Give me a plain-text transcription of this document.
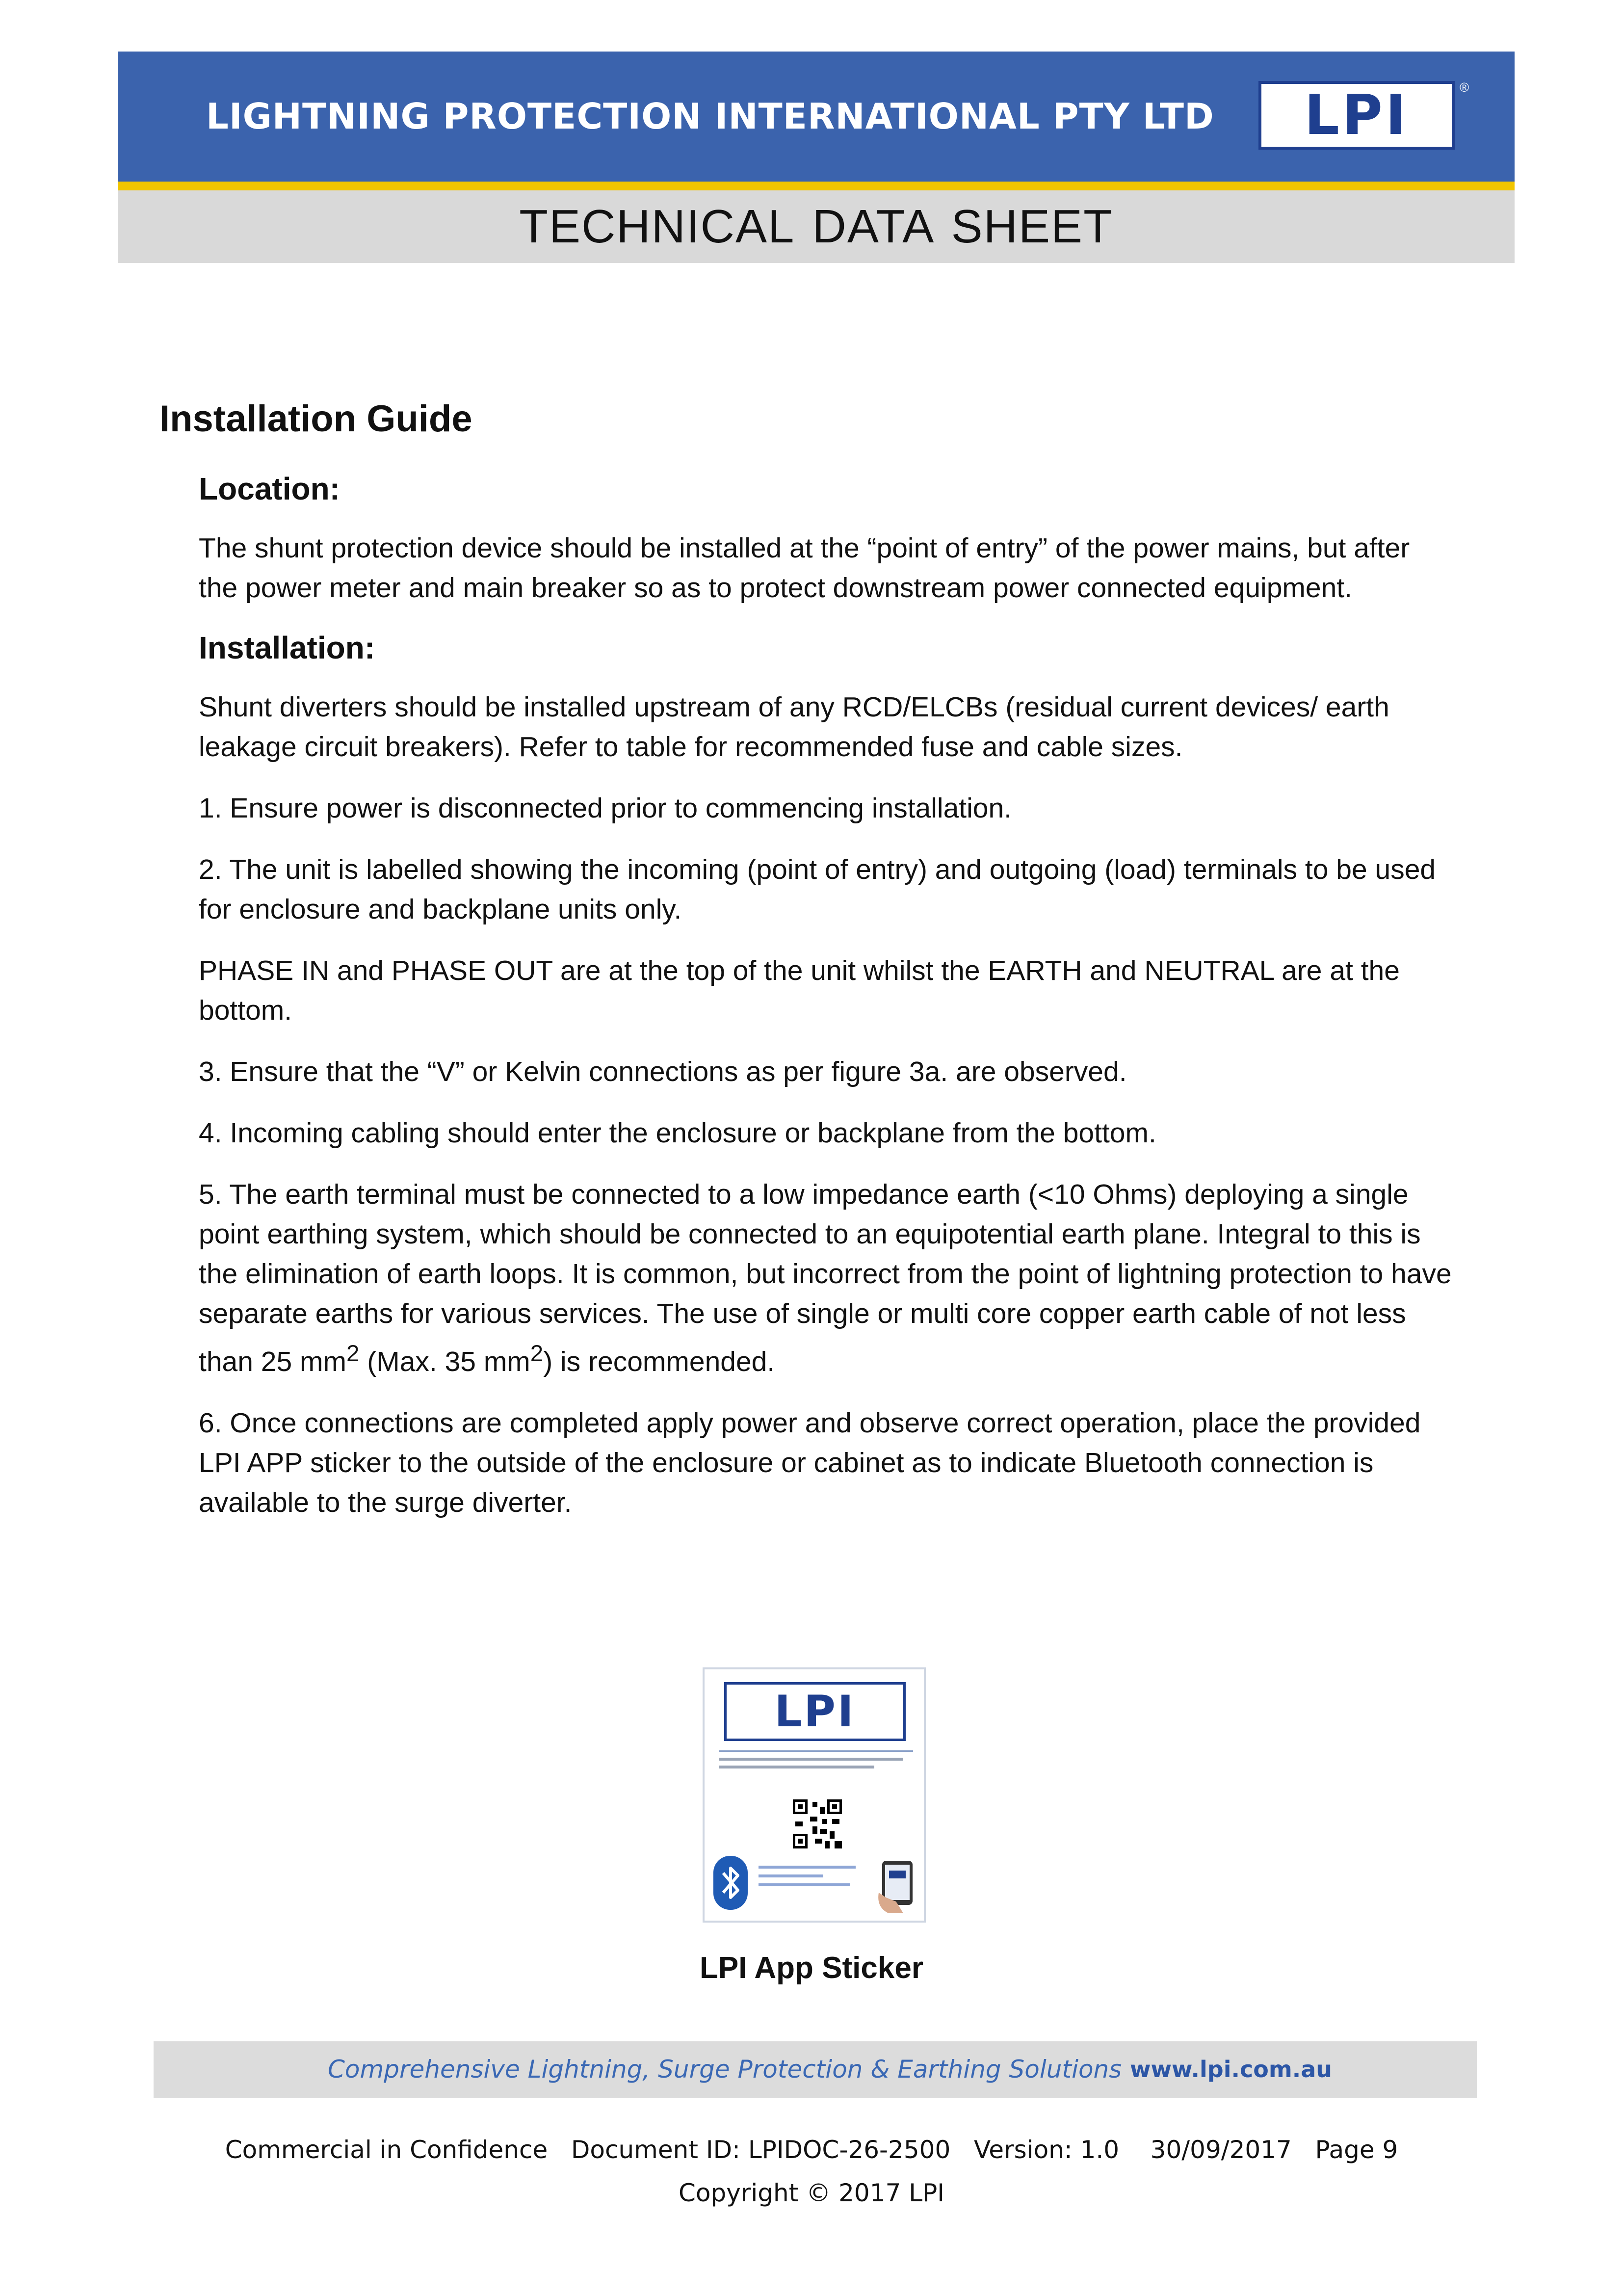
LIGHTNING PROTECTION INTERNATIONAL PTY LTD LPI	®
TECHNICAL DATA SHEET
Installation Guide
Location:

The shunt protection device should be installed at the “point of entry” of the power mains, but after the power meter and main breaker so as to protect downstream power connected equipment.

Installation:

Shunt diverters should be installed upstream of any RCD/ELCBs (residual current devices/ earth leakage circuit breakers). Refer to table for recommended fuse and cable sizes.

1. Ensure power is disconnected prior to commencing installation.

2. The unit is labelled showing the incoming (point of entry) and outgoing (load) terminals to be used for enclosure and backplane units only.

PHASE IN and PHASE OUT are at the top of the unit whilst the EARTH and NEUTRAL are at the bottom.

3. Ensure that the “V” or Kelvin connections as per figure 3a. are observed.

4. Incoming cabling should enter the enclosure or backplane from the bottom.

5. The earth terminal must be connected to a low impedance earth (<10 Ohms) deploying a single point earthing system, which should be connected to an equipotential earth plane. Integral to this is the elimination of earth loops. It is common, but incorrect from the point of lightning protection to have separate earths for various services. The use of single or multi core copper earth cable of not less than 25 $mm^2$ (Max. 35 $mm^2$) is recommended.

6. Once connections are completed apply power and observe correct operation, place the provided LPI APP sticker to the outside of the enclosure or cabinet as to indicate Bluetooth connection is available to the surge diverter.

LPI
LPI App Sticker
Comprehensive Lightning, Surge Protection & Earthing Solutions www.lpi.com.au
Commercial in Confidence   Document ID: LPIDOC-26-2500   Version: 1.0    30/09/2017   Page 9
Copyright © 2017 LPI
